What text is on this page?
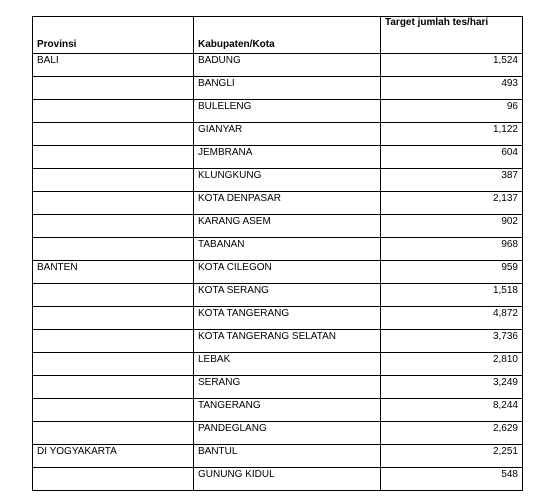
Provinsi	Kabupaten/Kota	Target jumlah tes/hari
BALI	BADUNG	1,524
	BANGLI	493
	BULELENG	96
	GIANYAR	1,122
	JEMBRANA	604
	KLUNGKUNG	387
	KOTA DENPASAR	2,137
	KARANG ASEM	902
	TABANAN	968
BANTEN	KOTA CILEGON	959
	KOTA SERANG	1,518
	KOTA TANGERANG	4,872
	KOTA TANGERANG SELATAN	3,736
	LEBAK	2,810
	SERANG	3,249
	TANGERANG	8,244
	PANDEGLANG	2,629
DI YOGYAKARTA	BANTUL	2,251
	GUNUNG KIDUL	548
